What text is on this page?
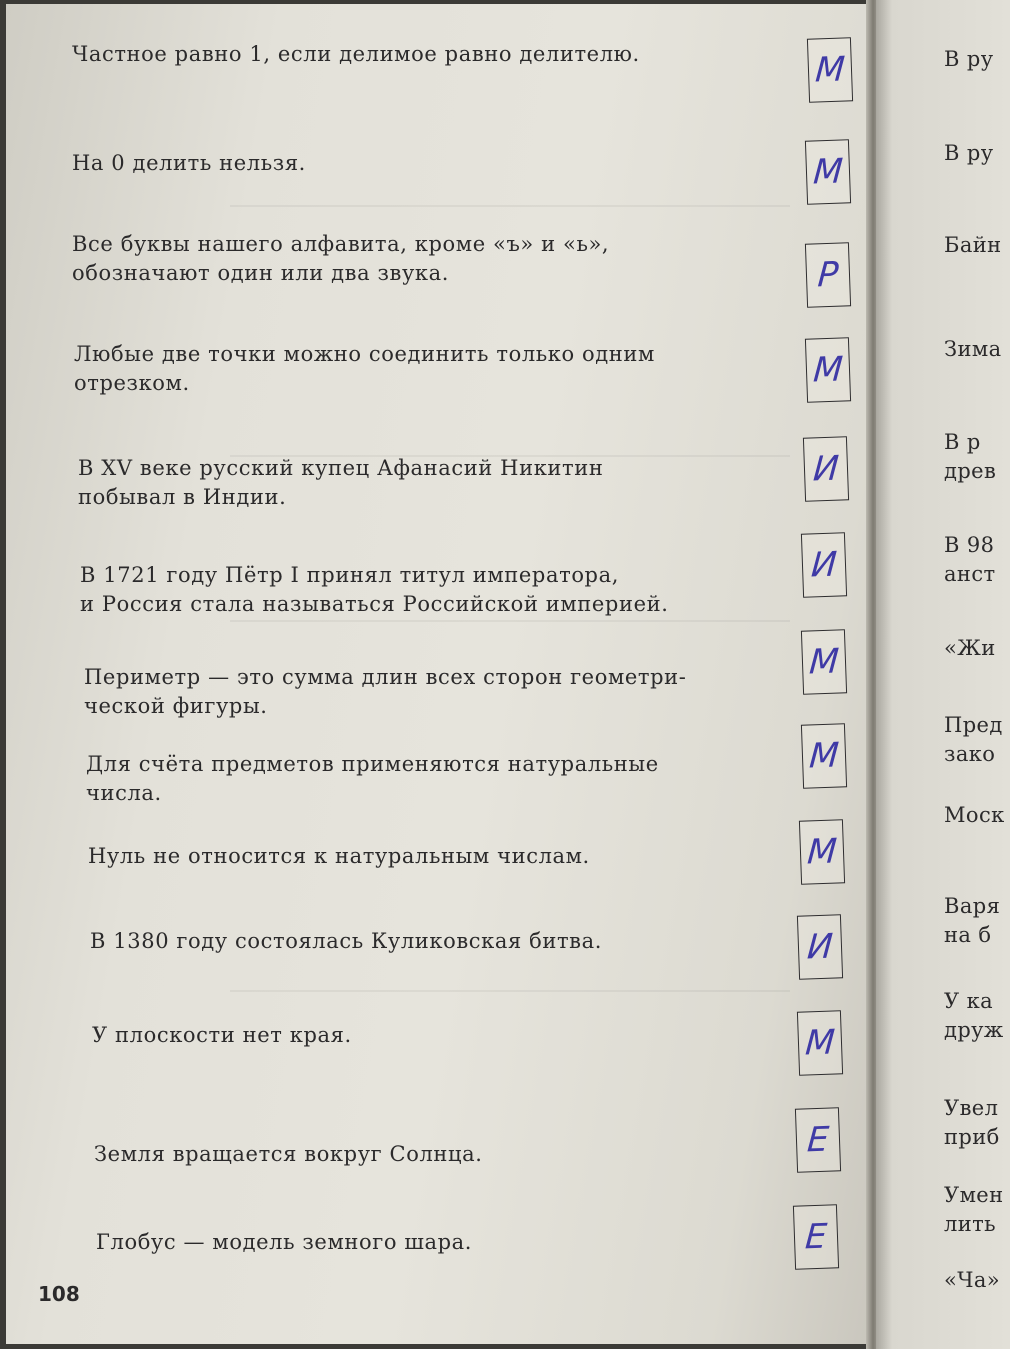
В ру
В ру
Байн
Зима
В р
древ
В 98
анст
«Жи
Пред
зако
Моск
Варя
на б
У ка
друж
Увел
приб
Умен
лить
«Ча»
Частное равно 1, если делимое равно делителю.
На 0 делить нельзя.
Все буквы нашего алфавита, кроме «ъ» и «ь»,
обозначают один или два звука.
Любые две точки можно соединить только одним
отрезком.
В XV веке русский купец Афанасий Никитин
побывал в Индии.
В 1721 году Пётр I принял титул императора,
и Россия стала называться Российской империей.
Периметр — это сумма длин всех сторон геометри-
ческой фигуры.
Для счёта предметов применяются натуральные
числа.
Нуль не относится к натуральным числам.
В 1380 году состоялась Куликовская битва.
У плоскости нет края.
Земля вращается вокруг Солнца.
Глобус — модель земного шара.
М
М
Р
М
И
И
М
М
М
И
М
Е
Е
108
